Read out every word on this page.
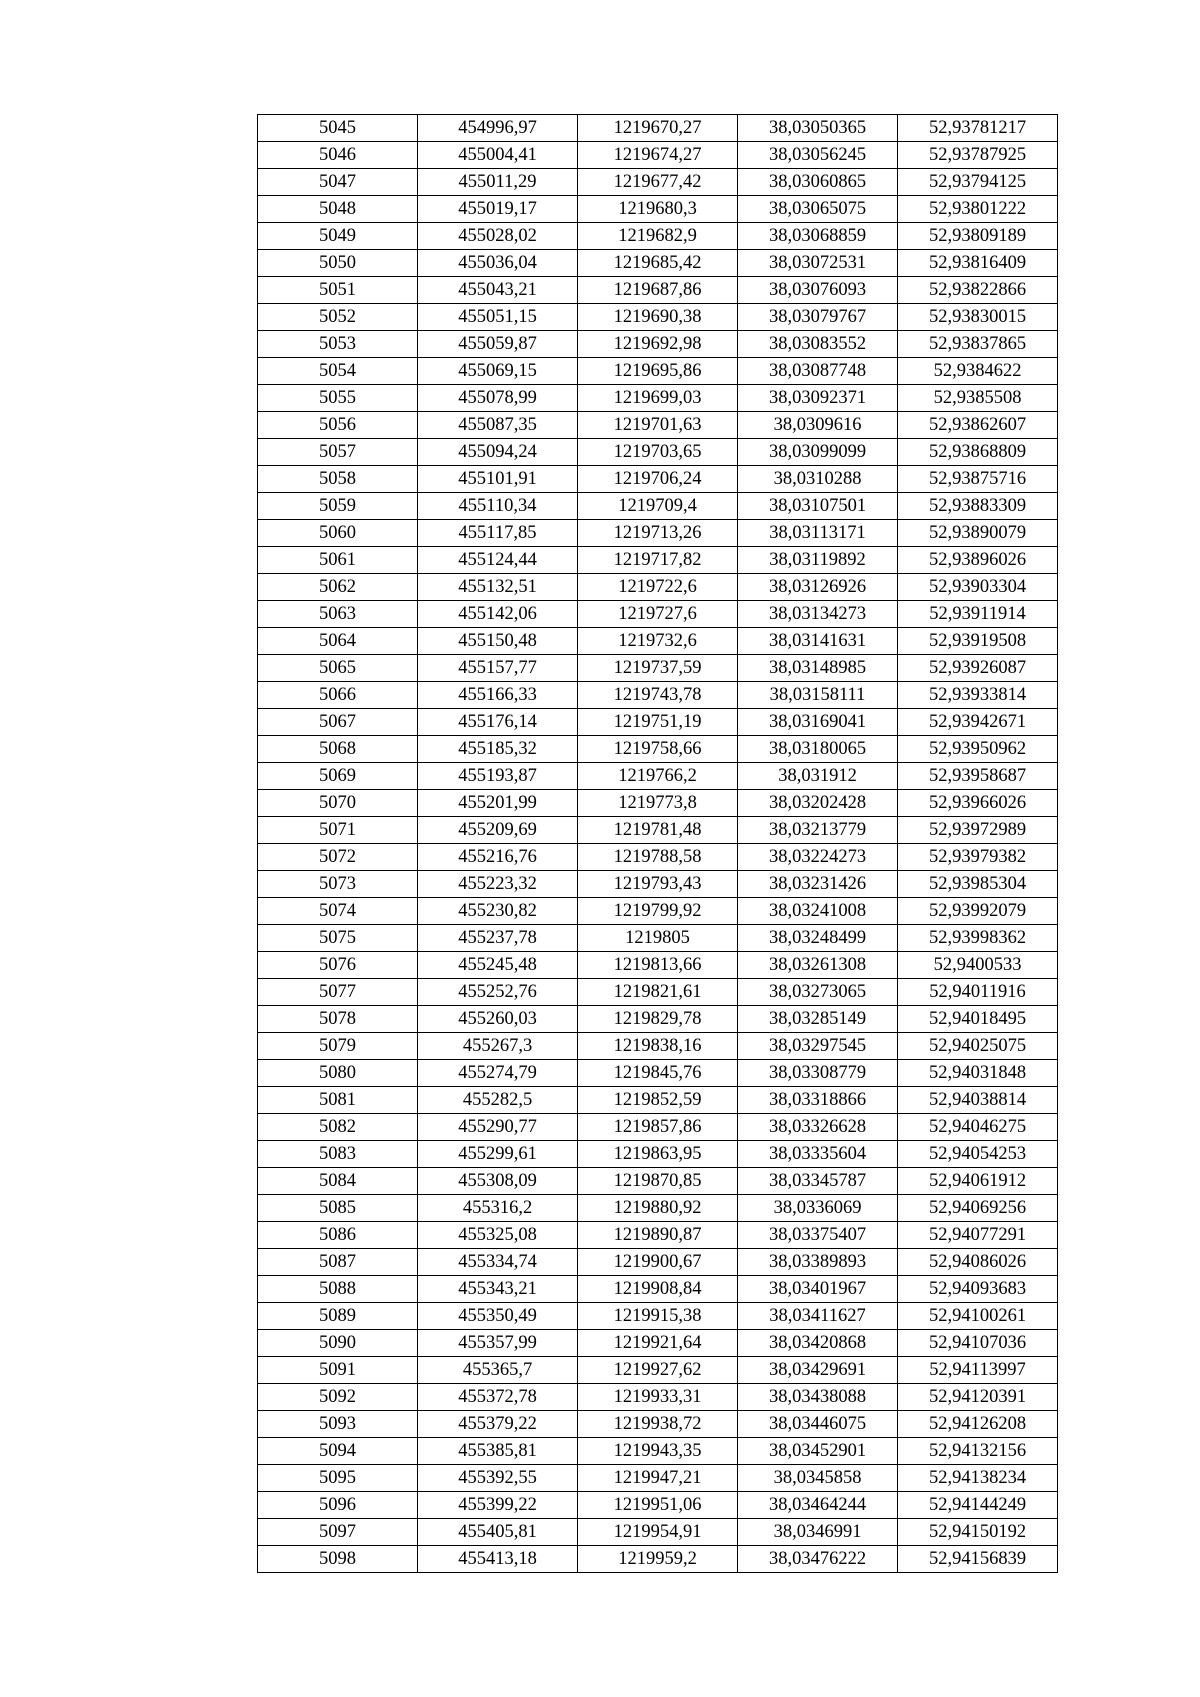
5045	454996,97	1219670,27	38,03050365	52,93781217
5046	455004,41	1219674,27	38,03056245	52,93787925
5047	455011,29	1219677,42	38,03060865	52,93794125
5048	455019,17	1219680,3	38,03065075	52,93801222
5049	455028,02	1219682,9	38,03068859	52,93809189
5050	455036,04	1219685,42	38,03072531	52,93816409
5051	455043,21	1219687,86	38,03076093	52,93822866
5052	455051,15	1219690,38	38,03079767	52,93830015
5053	455059,87	1219692,98	38,03083552	52,93837865
5054	455069,15	1219695,86	38,03087748	52,9384622
5055	455078,99	1219699,03	38,03092371	52,9385508
5056	455087,35	1219701,63	38,0309616	52,93862607
5057	455094,24	1219703,65	38,03099099	52,93868809
5058	455101,91	1219706,24	38,0310288	52,93875716
5059	455110,34	1219709,4	38,03107501	52,93883309
5060	455117,85	1219713,26	38,03113171	52,93890079
5061	455124,44	1219717,82	38,03119892	52,93896026
5062	455132,51	1219722,6	38,03126926	52,93903304
5063	455142,06	1219727,6	38,03134273	52,93911914
5064	455150,48	1219732,6	38,03141631	52,93919508
5065	455157,77	1219737,59	38,03148985	52,93926087
5066	455166,33	1219743,78	38,03158111	52,93933814
5067	455176,14	1219751,19	38,03169041	52,93942671
5068	455185,32	1219758,66	38,03180065	52,93950962
5069	455193,87	1219766,2	38,031912	52,93958687
5070	455201,99	1219773,8	38,03202428	52,93966026
5071	455209,69	1219781,48	38,03213779	52,93972989
5072	455216,76	1219788,58	38,03224273	52,93979382
5073	455223,32	1219793,43	38,03231426	52,93985304
5074	455230,82	1219799,92	38,03241008	52,93992079
5075	455237,78	1219805	38,03248499	52,93998362
5076	455245,48	1219813,66	38,03261308	52,9400533
5077	455252,76	1219821,61	38,03273065	52,94011916
5078	455260,03	1219829,78	38,03285149	52,94018495
5079	455267,3	1219838,16	38,03297545	52,94025075
5080	455274,79	1219845,76	38,03308779	52,94031848
5081	455282,5	1219852,59	38,03318866	52,94038814
5082	455290,77	1219857,86	38,03326628	52,94046275
5083	455299,61	1219863,95	38,03335604	52,94054253
5084	455308,09	1219870,85	38,03345787	52,94061912
5085	455316,2	1219880,92	38,0336069	52,94069256
5086	455325,08	1219890,87	38,03375407	52,94077291
5087	455334,74	1219900,67	38,03389893	52,94086026
5088	455343,21	1219908,84	38,03401967	52,94093683
5089	455350,49	1219915,38	38,03411627	52,94100261
5090	455357,99	1219921,64	38,03420868	52,94107036
5091	455365,7	1219927,62	38,03429691	52,94113997
5092	455372,78	1219933,31	38,03438088	52,94120391
5093	455379,22	1219938,72	38,03446075	52,94126208
5094	455385,81	1219943,35	38,03452901	52,94132156
5095	455392,55	1219947,21	38,0345858	52,94138234
5096	455399,22	1219951,06	38,03464244	52,94144249
5097	455405,81	1219954,91	38,0346991	52,94150192
5098	455413,18	1219959,2	38,03476222	52,94156839
